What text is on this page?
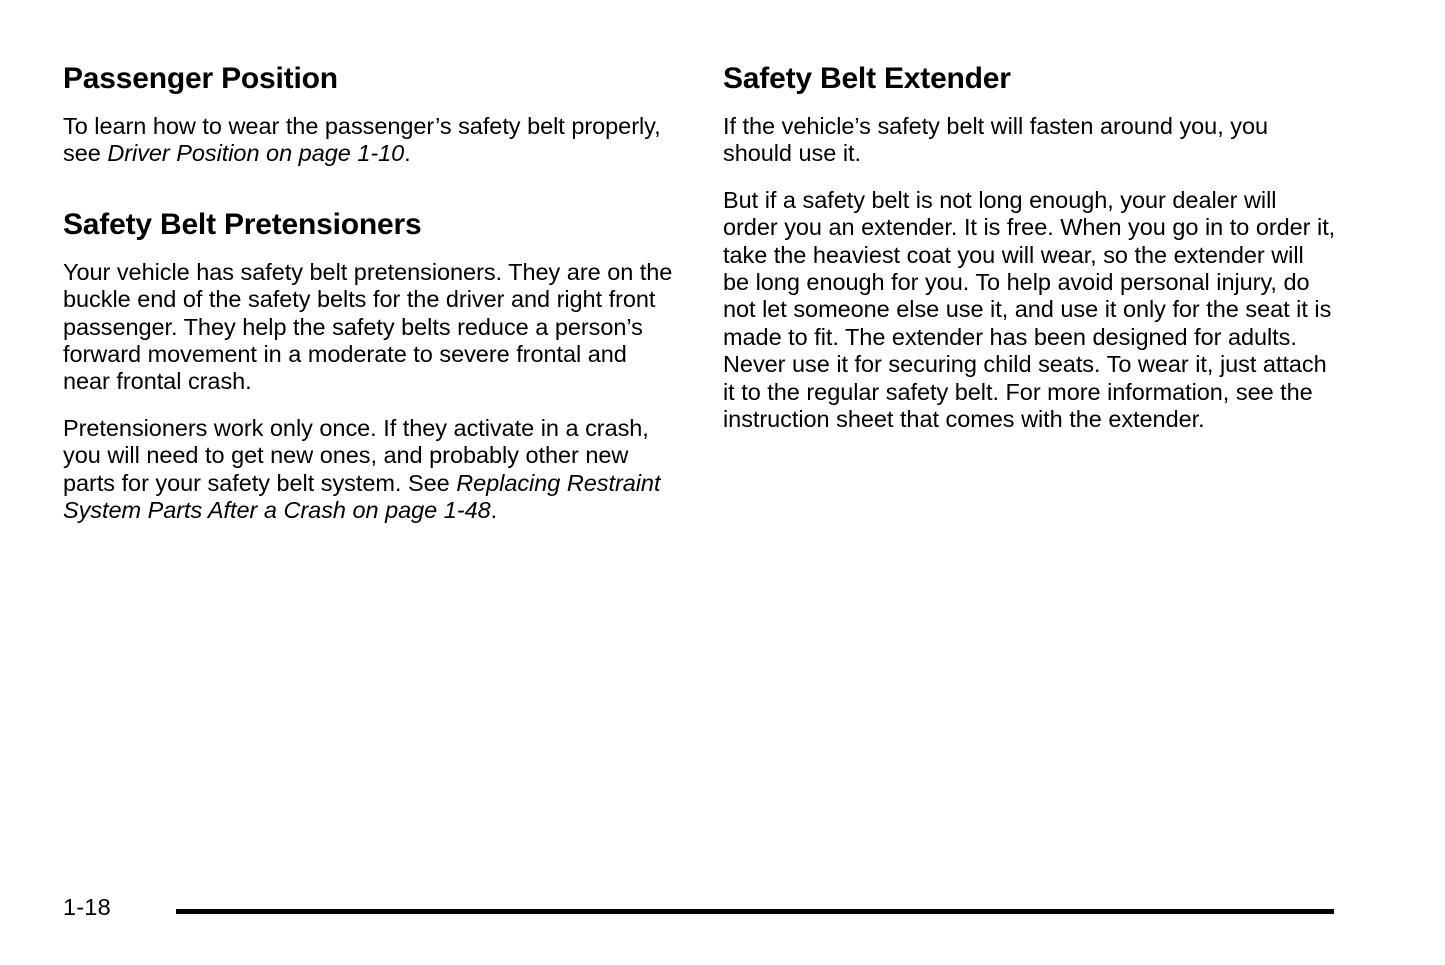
Passenger Position

To learn how to wear the passenger’s safety belt properly, see Driver Position on page 1-10.

Safety Belt Pretensioners

Your vehicle has safety belt pretensioners. They are on the buckle end of the safety belts for the driver and right front passenger. They help the safety belts reduce a person’s forward movement in a moderate to severe frontal and near frontal crash.

Pretensioners work only once. If they activate in a crash, you will need to get new ones, and probably other new parts for your safety belt system. See Replacing Restraint System Parts After a Crash on page 1-48.

Safety Belt Extender

If the vehicle’s safety belt will fasten around you, you should use it.

But if a safety belt is not long enough, your dealer will order you an extender. It is free. When you go in to order it, take the heaviest coat you will wear, so the extender will be long enough for you. To help avoid personal injury, do not let someone else use it, and use it only for the seat it is made to fit. The extender has been designed for adults. Never use it for securing child seats. To wear it, just attach it to the regular safety belt. For more information, see the instruction sheet that comes with the extender.

1-18
